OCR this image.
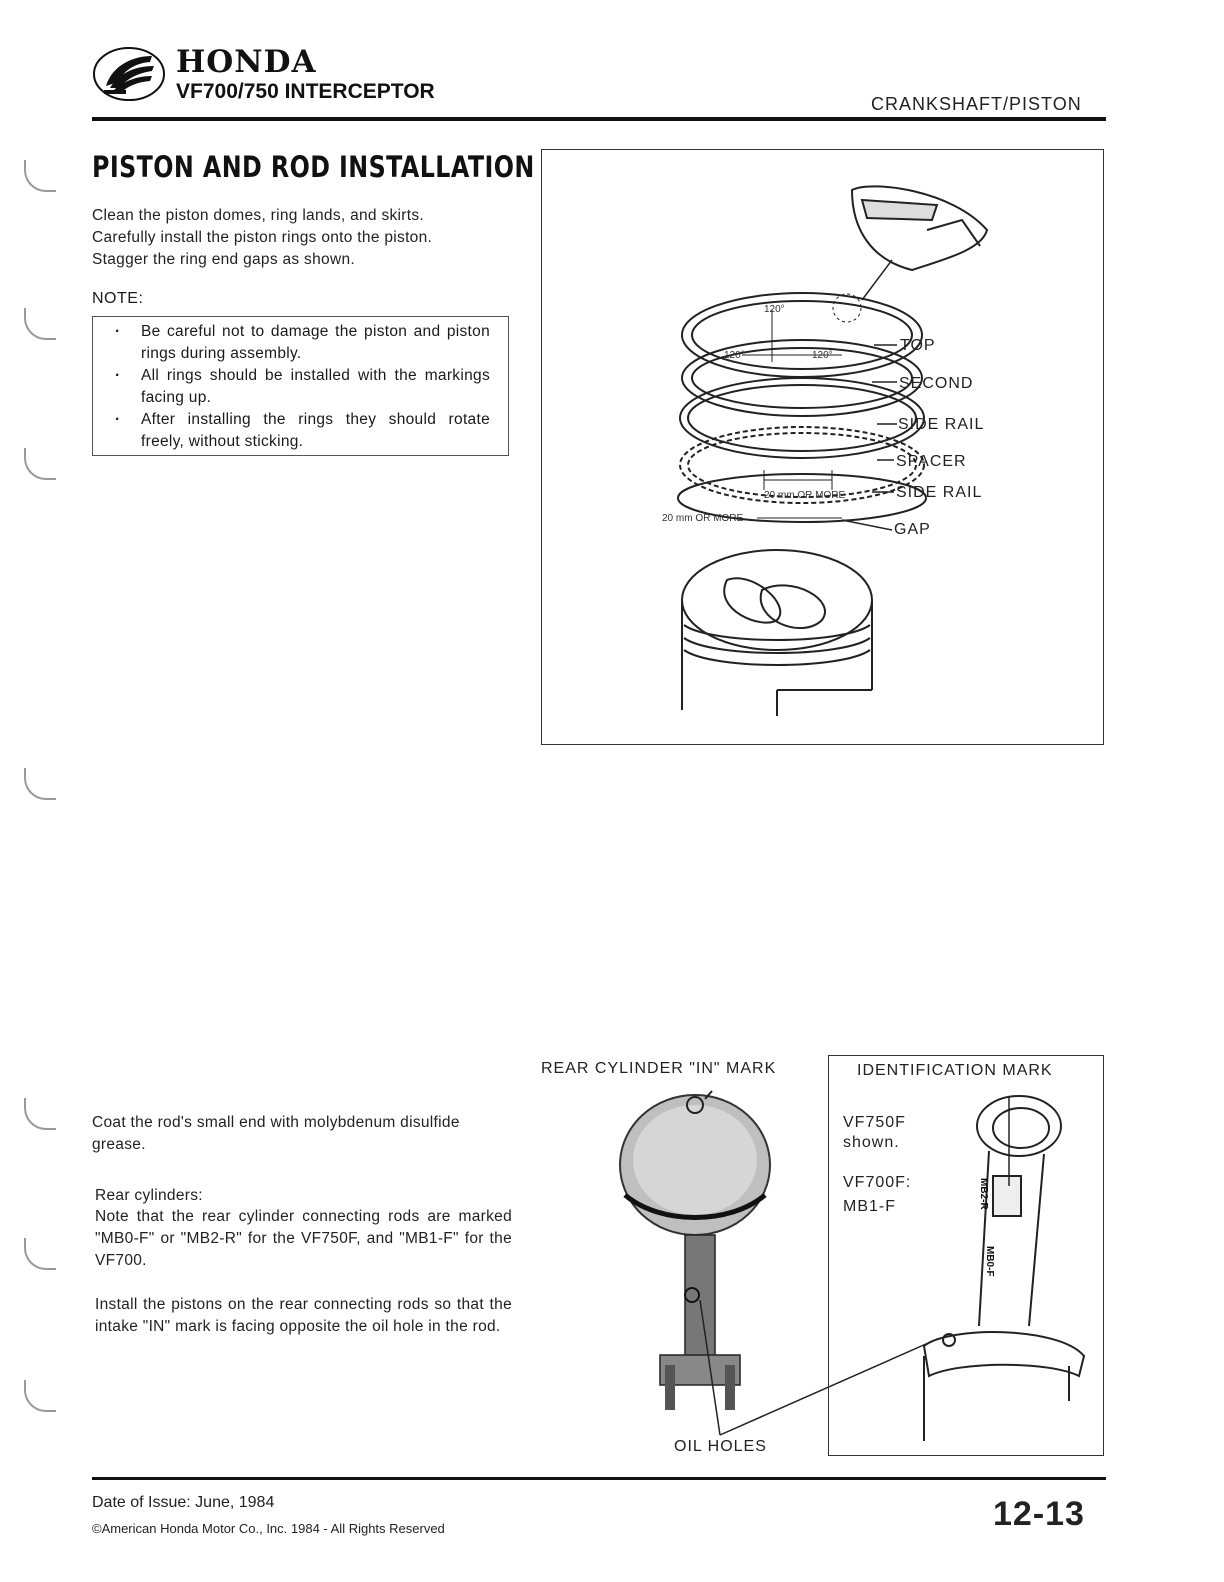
HONDA
VF700/750 INTERCEPTOR
CRANKSHAFT/PISTON
PISTON AND ROD INSTALLATION
Clean the piston domes, ring lands, and skirts.
Carefully install the piston rings onto the piston.
Stagger the ring end gaps as shown.
NOTE:
· Be careful not to damage the piston and piston rings during assembly.
· All rings should be installed with the markings facing up.
· After installing the rings they should rotate freely, without sticking.
120°
120°	120°
20 mm OR MORE
20 mm OR MORE
TOP
SECOND
SIDE RAIL
SPACER
SIDE RAIL
GAP
Coat the rod's small end with molybdenum disulfide grease.
Rear cylinders:
Note that the rear cylinder connecting rods are marked "MB0-F" or "MB2-R" for the VF750F, and "MB1-F" for the VF700.
Install the pistons on the rear connecting rods so that the intake "IN" mark is facing opposite the oil hole in the rod.
REAR CYLINDER "IN" MARK
OIL HOLES
IDENTIFICATION MARK
VF750F
shown.
VF700F:
MB1-F	MB2-R
MB0-F
Date of Issue: June, 1984
©American Honda Motor Co., Inc. 1984 - All Rights Reserved	12-13
